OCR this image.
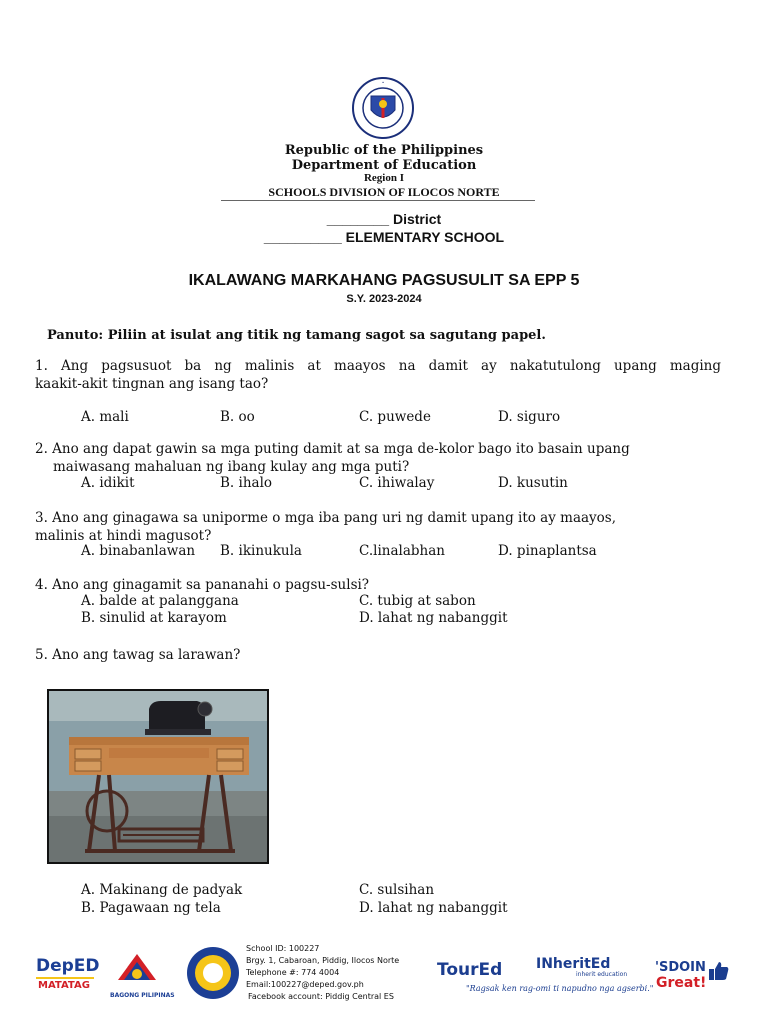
•
Republic of the Philippines
Department of Education
Region I
SCHOOLS DIVISION OF ILOCOS NORTE
________ District
__________ ELEMENTARY SCHOOL
IKALAWANG MARKAHANG PAGSUSULIT SA EPP 5
S.Y. 2023-2024
Panuto: Piliin at isulat ang titik ng tamang sagot sa sagutang papel.
1. Ang pagsusuot ba ng malinis at maayos na damit ay nakatutulong upang maging
kaakit-akit tingnan ang isang tao?
A. mali	B. oo	C. puwede	D. siguro
2. Ano ang dapat gawin sa mga puting damit at sa mga de-kolor bago ito basain upang
maiwasang mahaluan ng ibang kulay ang mga puti?
A. idikit	B. ihalo	C. ihiwalay	D. kusutin
3. Ano ang ginagawa sa uniporme o mga iba pang uri ng damit upang ito ay maayos,
malinis at hindi magusot?
A. binabanlawan B. ikinukula	C.linalabhan	D. pinaplantsa
4. Ano ang ginagamit sa pananahi o pagsu-sulsi?
A. balde at palanggana	C. tubig at sabon
B. sinulid at karayom	D. lahat ng nabanggit
5. Ano ang tawag sa larawan?
A. Makinang de padyak	C. sulsihan
B. Pagawaan ng tela	D. lahat ng nabanggit
DepED
MATATAG
BAGONG PILIPINAS
School ID: 100227
Brgy. 1, Cabaroan, Piddig, Ilocos Norte
Telephone #: 774 4004
Email:100227@deped.gov.ph
Facebook account: Piddig Central ES
TourEd INheritEd
inherit education
"Ragsak ken rag-omi ti napudno nga agserbi."
'SDOIN
Great!
